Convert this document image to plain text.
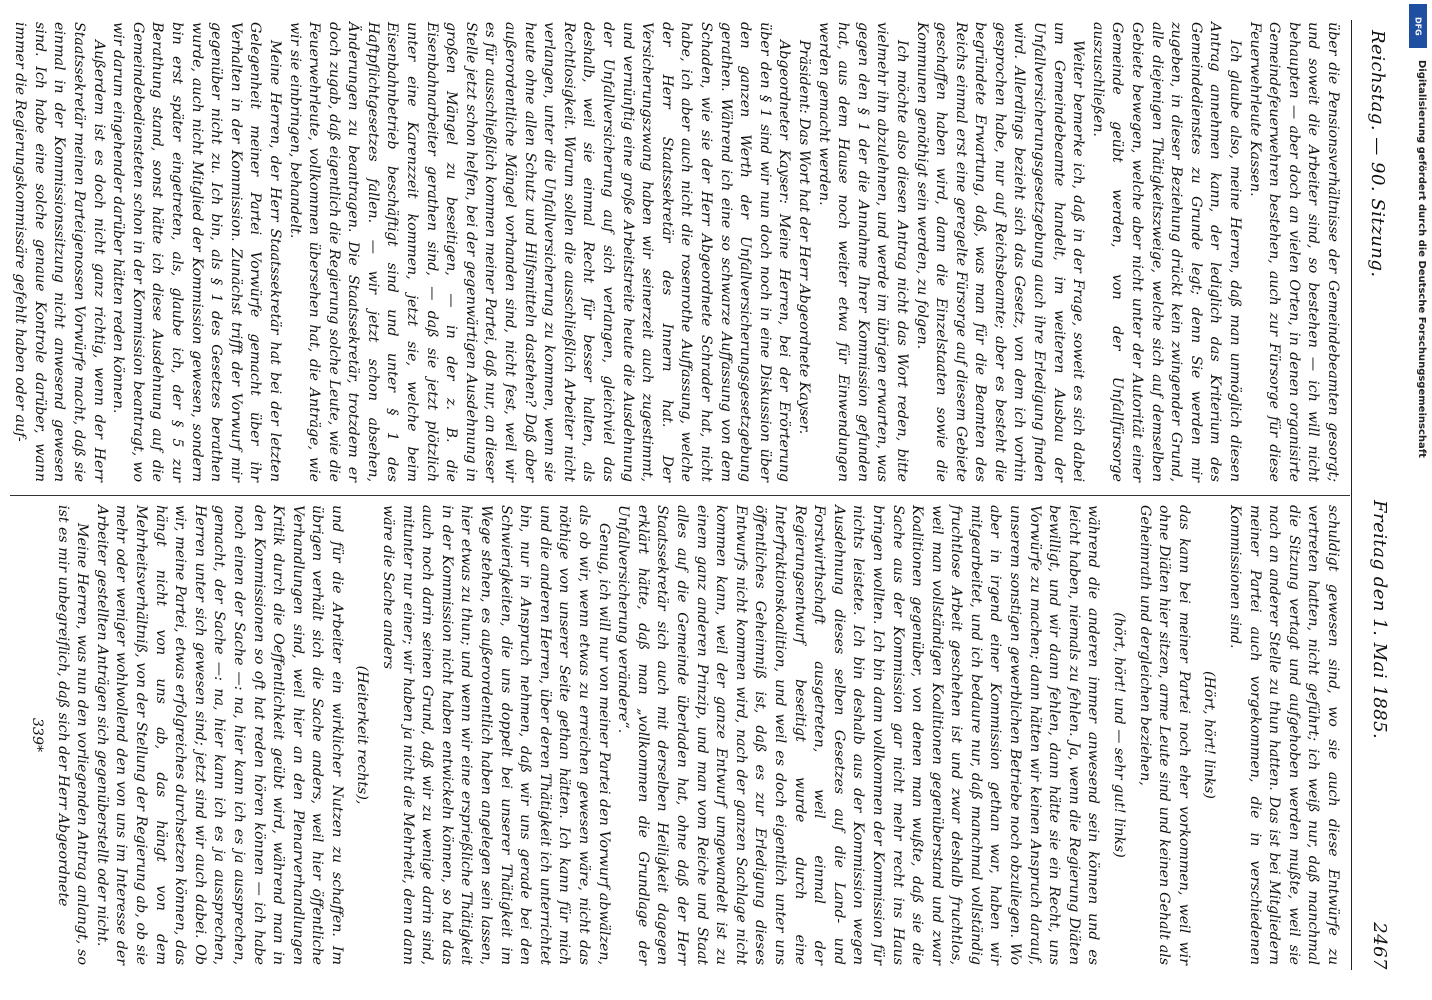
Reichstag. — 90. Sitzung.
Freitag den 1. Mai 1885.
2467

über die Pensionsverhältnisse der Gemeindebeamten gesorgt; und soweit die Arbeiter sind, so bestehen — ich will nicht behaupten — aber doch an vielen Orten, in denen organisirte Gemeindefeuerwehren bestehen, auch zur Fürsorge für diese Feuerwehrleute Kassen.

Ich glaube also, meine Herren, daß man unmöglich diesen Antrag annehmen kann, der lediglich das Kriterium des Gemeindedienstes zu Grunde legt; denn Sie werden mir zugeben, in dieser Beziehung drückt kein zwingender Grund, alle diejenigen Thätigkeitszweige, welche sich auf demselben Gebiete bewegen, welche aber nicht unter der Autorität einer Gemeinde geübt werden, von der Unfallfürsorge auszuschließen.

Weiter bemerke ich, daß in der Frage, soweit es sich dabei um Gemeindebeamte handelt, im weiteren Ausbau der Unfallversicherungsgesetzgebung auch ihre Erledigung finden wird. Allerdings bezieht sich das Gesetz, von dem ich vorhin gesprochen habe, nur auf Reichsbeamte; aber es besteht die begründete Erwartung, daß, was man für die Beamten des Reichs einmal erst eine geregelte Fürsorge auf diesem Gebiete geschaffen haben wird, dann die Einzelstaaten sowie die Kommunen genöthigt sein werden, zu folgen.

Ich möchte also diesen Antrag nicht das Wort reden, bitte vielmehr ihn abzulehnen, und werde im übrigen erwarten, was gegen den § 1 der die Annahme Ihrer Kommission gefunden hat, aus dem Hause noch weiter etwa für Einwendungen werden gemacht werden.

Präsident: Das Wort hat der Herr Abgeordnete Kayser.

Abgeordneter Kayser: Meine Herren, bei der Erörterung über den § 1 sind wir nun doch noch in eine Diskussion über den ganzen Werth der Unfallversicherungsgesetzgebung gerathen. Während ich eine so schwarze Auffassung von dem Schaden, wie sie der Herr Abgeordnete Schrader hat, nicht habe, ich aber auch nicht die rosenrothe Auffassung, welche der Herr Staatssekretär des Innern hat. Der Versicherungszwang haben wir seinerzeit auch zugestimmt, und vernünftig eine große Arbeitstreite heute die Ausdehnung der Unfallversicherung auf sich verlangen, gleichviel das deshalb, weil sie einmal Recht für besser halten, als Rechtlosigkeit. Warum sollen die ausschließlich Arbeiter nicht verlangen, unter die Unfallversicherung zu kommen, wenn sie heute ohne allen Schutz und Hilfsmitteln dastehen? Daß aber außerordentliche Mängel vorhanden sind, nicht fest, weil wir es für ausschließlich kommen meiner Partei, daß nur, an dieser Stelle jetzt schon helfen, bei der gegenwärtigen Ausdehnung in großen Mängel zu beseitigen, — in der z. B. die Eisenbahnarbeiter gerathen sind, — daß sie jetzt plötzlich unter eine Karenzzeit kommen, jetzt sie, welche beim Eisenbahnbetrieb beschäftigt sind und unter § 1 des Haftpflichtgesetzes fallen. — wir jetzt schon absehen, Änderungen zu beantragen. Die Staatssekretär, trotzdem er doch zugab, daß eigentlich die Regierung solche Leute, wie die Feuerwehrleute, vollkommen übersehen hat, die Anträge, wie wir sie einbringen, behandelt.

Meine Herren, der Herr Staatssekretär hat bei der letzten Gelegenheit meiner Partei Vorwürfe gemacht über ihr Verhalten in der Kommission. Zunächst trifft der Vorwurf mir gegenüber nicht zu. Ich bin, als § 1 des Gesetzes berathen wurde, auch nicht Mitglied der Kommission gewesen, sondern bin erst später eingetreten, als, glaube ich, der § 5 zur Berathung stand, sonst hätte ich diese Ausdehnung auf die Gemeindebediensteten schon in der Kommission beantragt, wo wir darum eingehender darüber hätten reden können.

Außerdem ist es doch nicht ganz richtig, wenn der Herr Staatssekretär meinen Parteigenossen Vorwürfe macht, daß sie einmal in der Kommissionssitzung nicht anwesend gewesen sind. Ich habe eine solche genaue Kontrole darüber, wann immer die Regierungskommissäre gefehlt haben oder auf-

schuldigt gewesen sind, wo sie auch diese Entwürfe zu vertreten hatten, nicht geführt; ich weiß nur, daß manchmal die Sitzung vertagt und aufgehoben werden mußte, weil sie nach an anderer Stelle zu thun hatten. Das ist bei Mitgliedern meiner Partei auch vorgekommen, die in verschiedenen Kommissionen sind.

(Hört, hört! links)

das kann bei meiner Partei noch eher vorkommen, weil wir ohne Diäten hier sitzen, arme Leute sind und keinen Gehalt als Geheimrath und dergleichen beziehen,

(hört, hört! und — sehr gut! links)

während die anderen immer anwesend sein können und es leicht haben, niemals zu fehlen. Ja, wenn die Regierung Diäten bewilligt, und wir dann fehlen, dann hätte sie ein Recht, uns Vorwürfe zu machen; dann hätten wir keinen Anspruch darauf, unserem sonstigen gewerblichen Betriebe noch obzuliegen. Wo aber in irgend einer Kommission gethan war, haben wir mitgearbeitet, und ich bedaure nur, daß manchmal vollständig fruchtlose Arbeit geschehen ist und zwar deshalb fruchtlos, weil man vollständigen Koalitionen gegenüberstand und zwar Koalitionen gegenüber, von denen man wußte, daß sie die Sache aus der Kommission gar nicht mehr recht ins Haus bringen wollten. Ich bin dann vollkommen der Kommission für nichts leistete. Ich bin deshalb aus der Kommission wegen Ausdehnung dieses selben Gesetzes auf die Land- und Forstwirthschaft ausgetreten, weil einmal der Regierungsentwurf beseitigt wurde durch eine Interfraktionskoalition, und weil es doch eigentlich unter uns öffentliches Geheimniß ist, daß es zur Erledigung dieses Entwurfs nicht kommen wird, nach der ganzen Sachlage nicht kommen kann, weil der ganze Entwurf umgewandelt ist zu einem ganz anderen Prinzip, und man vom Reiche und Staat alles auf die Gemeinde überladen hat, ohne daß der Herr Staatssekretär sich auch mit derselben Heiligkeit dagegen erklärt hätte, daß man „vollkommen die Grundlage der Unfallversicherung verändere“.

Genug, ich will nur von meiner Partei den Vorwurf abwälzen, als ob wir, wenn etwas zu erreichen gewesen wäre, nicht das nöthige von unserer Seite gethan hätten. Ich kann für mich und die anderen Herren, über deren Thätigkeit ich unterrichtet bin, nur in Anspruch nehmen, daß wir uns gerade bei den Schwierigkeiten, die uns doppelt bei unserer Thätigkeit im Wege stehen, es außerordentlich haben angelegen sein lassen, hier etwas zu thun; und wenn wir eine ersprießliche Thätigkeit in der Kommission nicht haben entwickeln können, so hat das auch noch darin seinen Grund, daß wir zu wenige darin sind, mitunter nur einer; wir haben ja nicht die Mehrheit, denn dann wäre die Sache anders

(Heiterkeit rechts),

und für die Arbeiter ein wirklicher Nutzen zu schaffen. Im übrigen verhält sich die Sache anders, weil hier öffentliche Verhandlungen sind, weil hier an den Plenarverhandlungen Kritik durch die Oeffentlichkeit geübt wird, während man in den Kommissionen so oft hat reden hören können — ich habe noch einen der Sache —: na, hier kann ich es ja aussprechen, gemacht, der Sache —: na, hier kann ich es ja aussprechen, Herren unter sich gewesen sind; jetzt sind wir auch dabei. Ob wir, meine Partei, etwas erfolgreiches durchsetzen können, das hängt nicht von uns ab, das hängt von dem Mehrheitsverhältniß, von der Stellung der Regierung ab, ob sie mehr oder weniger wohlwollend den von uns im Interesse der Arbeiter gestellten Anträgen sich gegenüberstellt oder nicht.

Meine Herren, was nun den vorliegenden Antrag anlangt, so ist es mir unbegreiflich, daß sich der Herr Abgeordnete

339*

DFG
Digitalisierung gefördert durch die Deutsche Forschungsgemeinschaft
